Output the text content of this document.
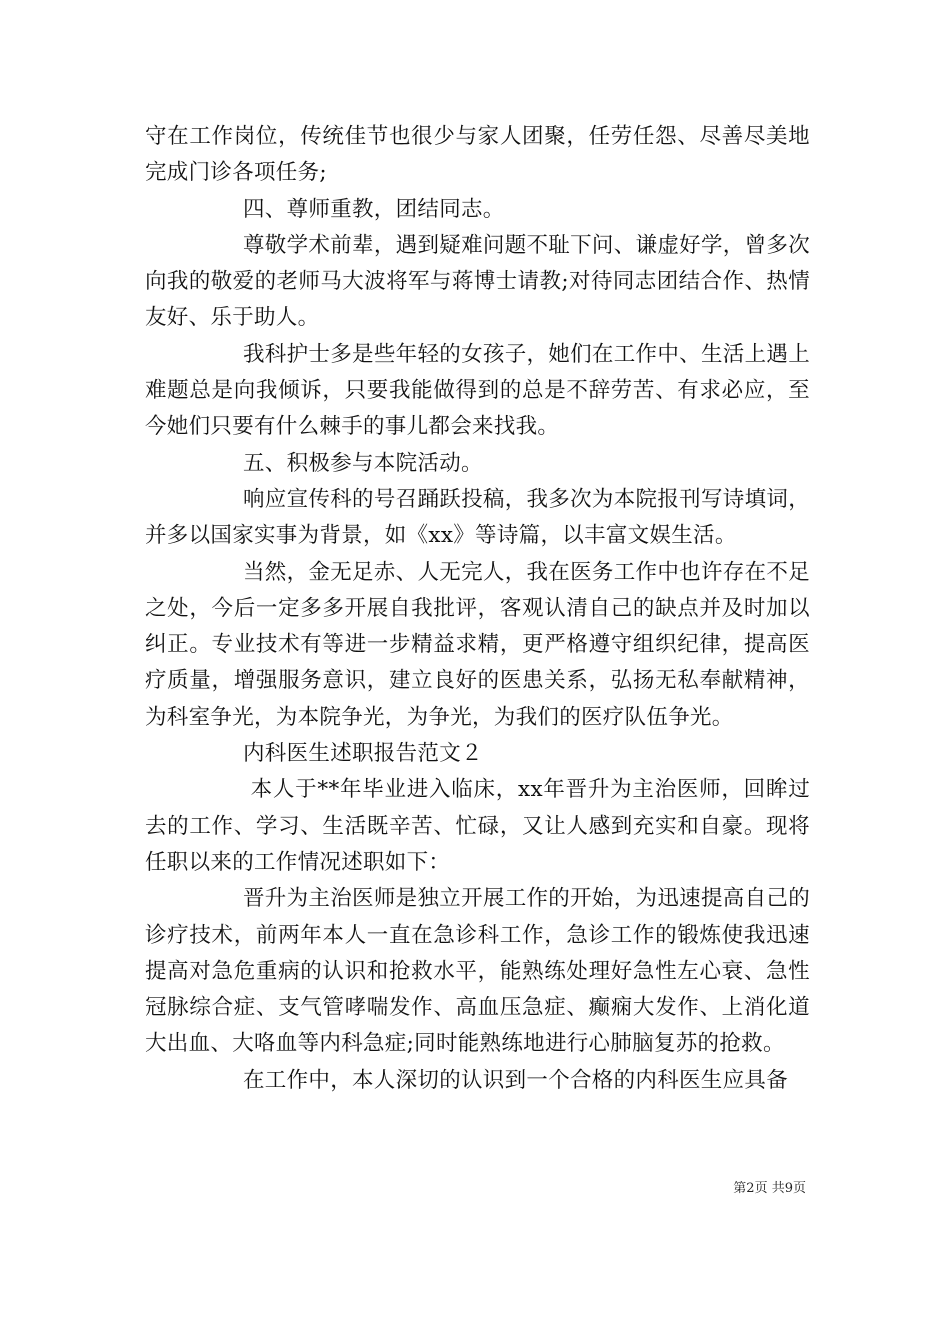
守在工作岗位，传统佳节也很少与家人团聚，任劳任怨、尽善尽美地完成门诊各项任务;

四、尊师重教，团结同志。

尊敬学术前辈，遇到疑难问题不耻下问、谦虚好学，曾多次向我的敬爱的老师马大波将军与蒋博士请教;对待同志团结合作、热情友好、乐于助人。

我科护士多是些年轻的女孩子，她们在工作中、生活上遇上难题总是向我倾诉，只要我能做得到的总是不辞劳苦、有求必应，至今她们只要有什么棘手的事儿都会来找我。

五、积极参与本院活动。

响应宣传科的号召踊跃投稿，我多次为本院报刊写诗填词，并多以国家实事为背景，如《xx》等诗篇，以丰富文娱生活。

当然，金无足赤、人无完人，我在医务工作中也许存在不足之处，今后一定多多开展自我批评，客观认清自己的缺点并及时加以纠正。专业技术有等进一步精益求精，更严格遵守组织纪律，提高医疗质量，增强服务意识，建立良好的医患关系，弘扬无私奉献精神，为科室争光，为本院争光，为争光，为我们的医疗队伍争光。

内科医生述职报告范文２

本人于**年毕业进入临床，xx年晋升为主治医师，回眸过去的工作、学习、生活既辛苦、忙碌，又让人感到充实和自豪。现将任职以来的工作情况述职如下：

晋升为主治医师是独立开展工作的开始，为迅速提高自己的诊疗技术，前两年本人一直在急诊科工作，急诊工作的锻炼使我迅速提高对急危重病的认识和抢救水平，能熟练处理好急性左心衰、急性冠脉综合症、支气管哮喘发作、高血压急症、癫痫大发作、上消化道大出血、大咯血等内科急症;同时能熟练地进行心肺脑复苏的抢救。

在工作中，本人深切的认识到一个合格的内科医生应具备

第2页 共9页
